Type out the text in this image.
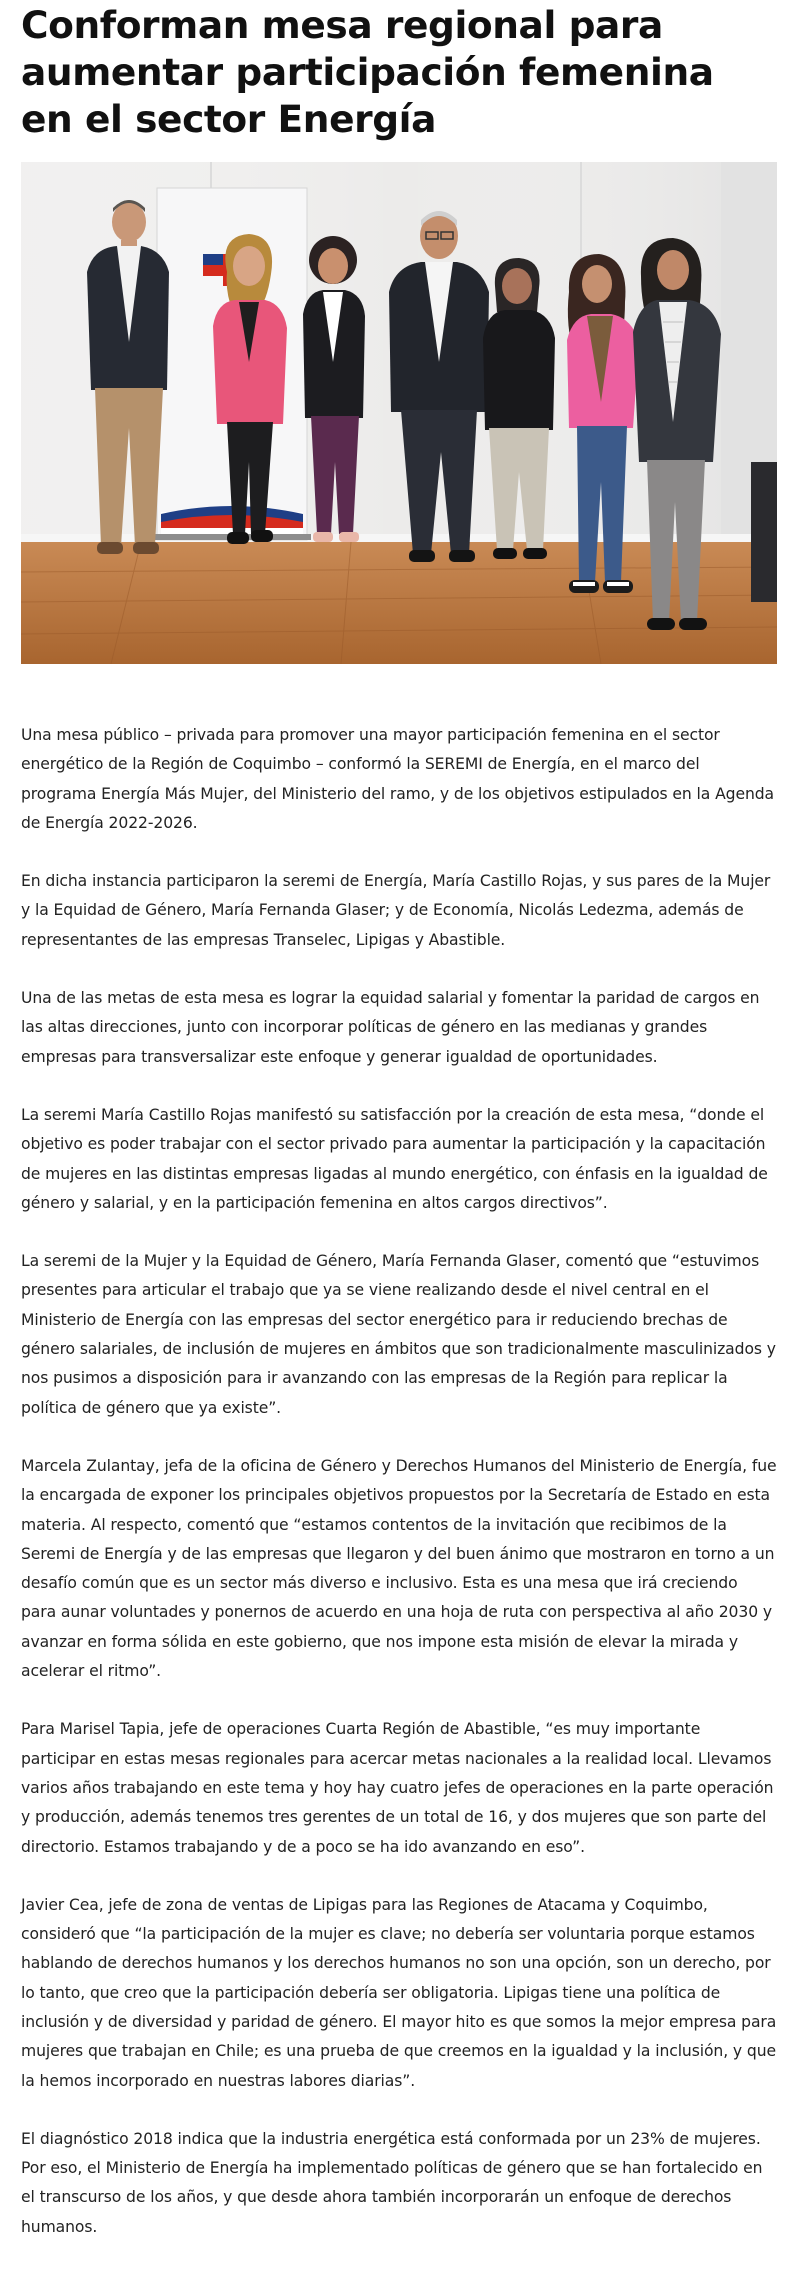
Conforman mesa regional para aumentar participación femenina en el sector Energía

Una mesa público – privada para promover una mayor participación femenina en el sector energético de la Región de Coquimbo – conformó la SEREMI de Energía, en el marco del programa Energía Más Mujer, del Ministerio del ramo, y de los objetivos estipulados en la Agenda de Energía 2022-2026.

En dicha instancia participaron la seremi de Energía, María Castillo Rojas, y sus pares de la Mujer y la Equidad de Género, María Fernanda Glaser; y de Economía, Nicolás Ledezma, además de representantes de las empresas Transelec, Lipigas y Abastible.

Una de las metas de esta mesa es lograr la equidad salarial y fomentar la paridad de cargos en las altas direcciones, junto con incorporar políticas de género en las medianas y grandes empresas para transversalizar este enfoque y generar igualdad de oportunidades.

La seremi María Castillo Rojas manifestó su satisfacción por la creación de esta mesa, “donde el objetivo es poder trabajar con el sector privado para aumentar la participación y la capacitación de mujeres en las distintas empresas ligadas al mundo energético, con énfasis en la igualdad de género y salarial, y en la participación femenina en altos cargos directivos”.

La seremi de la Mujer y la Equidad de Género, María Fernanda Glaser, comentó que “estuvimos presentes para articular el trabajo que ya se viene realizando desde el nivel central en el Ministerio de Energía con las empresas del sector energético para ir reduciendo brechas de género salariales, de inclusión de mujeres en ámbitos que son tradicionalmente masculinizados y nos pusimos a disposición para ir avanzando con las empresas de la Región para replicar la política de género que ya existe”.

Marcela Zulantay, jefa de la oficina de Género y Derechos Humanos del Ministerio de Energía, fue la encargada de exponer los principales objetivos propuestos por la Secretaría de Estado en esta materia. Al respecto, comentó que “estamos contentos de la invitación que recibimos de la Seremi de Energía y de las empresas que llegaron y del buen ánimo que mostraron en torno a un desafío común que es un sector más diverso e inclusivo. Esta es una mesa que irá creciendo para aunar voluntades y ponernos de acuerdo en una hoja de ruta con perspectiva al año 2030 y avanzar en forma sólida en este gobierno, que nos impone esta misión de elevar la mirada y acelerar el ritmo”.

Para Marisel Tapia, jefe de operaciones Cuarta Región de Abastible, “es muy importante participar en estas mesas regionales para acercar metas nacionales a la realidad local. Llevamos varios años trabajando en este tema y hoy hay cuatro jefes de operaciones en la parte operación y producción, además tenemos tres gerentes de un total de 16, y dos mujeres que son parte del directorio. Estamos trabajando y de a poco se ha ido avanzando en eso”.

Javier Cea, jefe de zona de ventas de Lipigas para las Regiones de Atacama y Coquimbo, consideró que “la participación de la mujer es clave; no debería ser voluntaria porque estamos hablando de derechos humanos y los derechos humanos no son una opción, son un derecho, por lo tanto, que creo que la participación debería ser obligatoria. Lipigas tiene una política de inclusión y de diversidad y paridad de género. El mayor hito es que somos la mejor empresa para mujeres que trabajan en Chile; es una prueba de que creemos en la igualdad y la inclusión, y que la hemos incorporado en nuestras labores diarias”.

El diagnóstico 2018 indica que la industria energética está conformada por un 23% de mujeres. Por eso, el Ministerio de Energía ha implementado políticas de género que se han fortalecido en el transcurso de los años, y que desde ahora también incorporarán un enfoque de derechos humanos.
